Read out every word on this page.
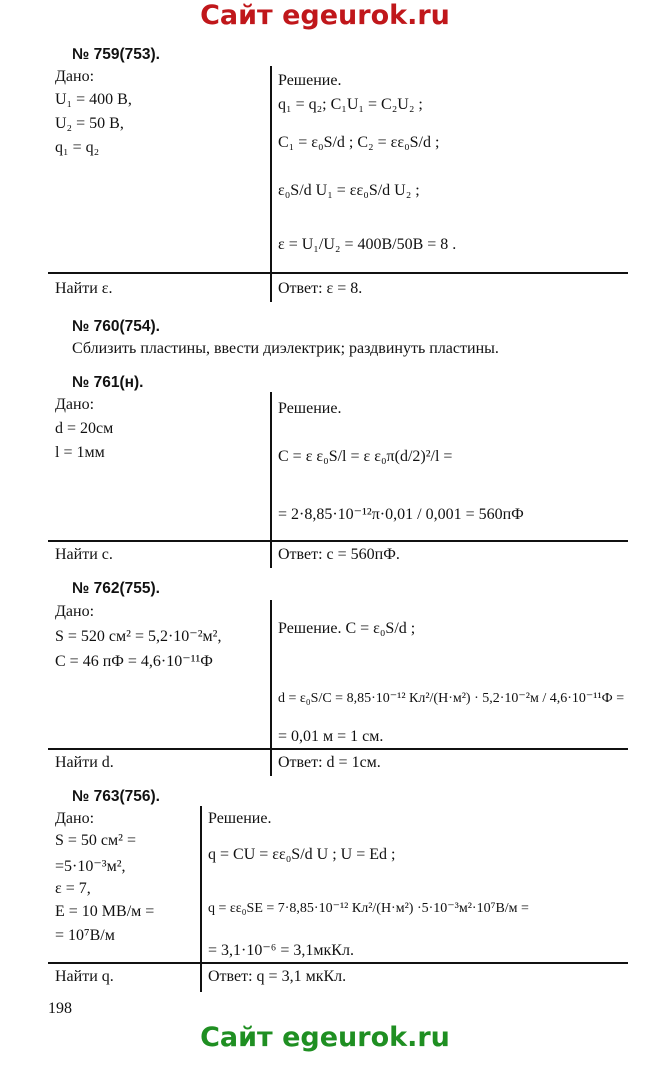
Сайт egeurok.ru
№ 759(753).
Дано:
U₁ = 400 В,
U₂ = 50 В,
q₁ = q₂
Решение.
q₁ = q₂; C₁U₁ = C₂U₂ ;
C₁ = ε₀S/d ; C₂ = εε₀S/d ;
ε₀S/d U₁ = εε₀S/d U₂ ;
ε = U₁/U₂ = 400B/50B = 8 .
Найти ε.	Ответ: ε = 8.
№ 760(754).
Сблизить пластины, ввести диэлектрик; раздвинуть пластины.
№ 761(н).
Дано:
d = 20см
l = 1мм
Решение.
C = ε ε₀S/l = ε ε₀π(d/2)²/l =
= 2·8,85·10⁻¹²π·0,01 / 0,001 = 560пФ
Найти с.	Ответ: с = 560пФ.
№ 762(755).
Дано:
S = 520 см² = 5,2·10⁻²м²,
C = 46 пФ = 4,6·10⁻¹¹Ф
Решение. C = ε₀S/d ;
d = ε₀S/C = 8,85·10⁻¹² Кл²/(Н·м²) · 5,2·10⁻²м / 4,6·10⁻¹¹Ф =
= 0,01 м = 1 см.
Найти d.	Ответ: d = 1см.
№ 763(756).
Дано:
S = 50 см² =
=5·10⁻³м²,
ε = 7,
E = 10 МВ/м =
= 10⁷В/м
Решение.
q = CU = εε₀S/d U ; U = Ed ;
q = εε₀SE = 7·8,85·10⁻¹² Кл²/(Н·м²) ·5·10⁻³м²·10⁷В/м =
= 3,1·10⁻⁶ = 3,1мкКл.
Найти q.	Ответ: q = 3,1 мкКл.
198
Сайт egeurok.ru
